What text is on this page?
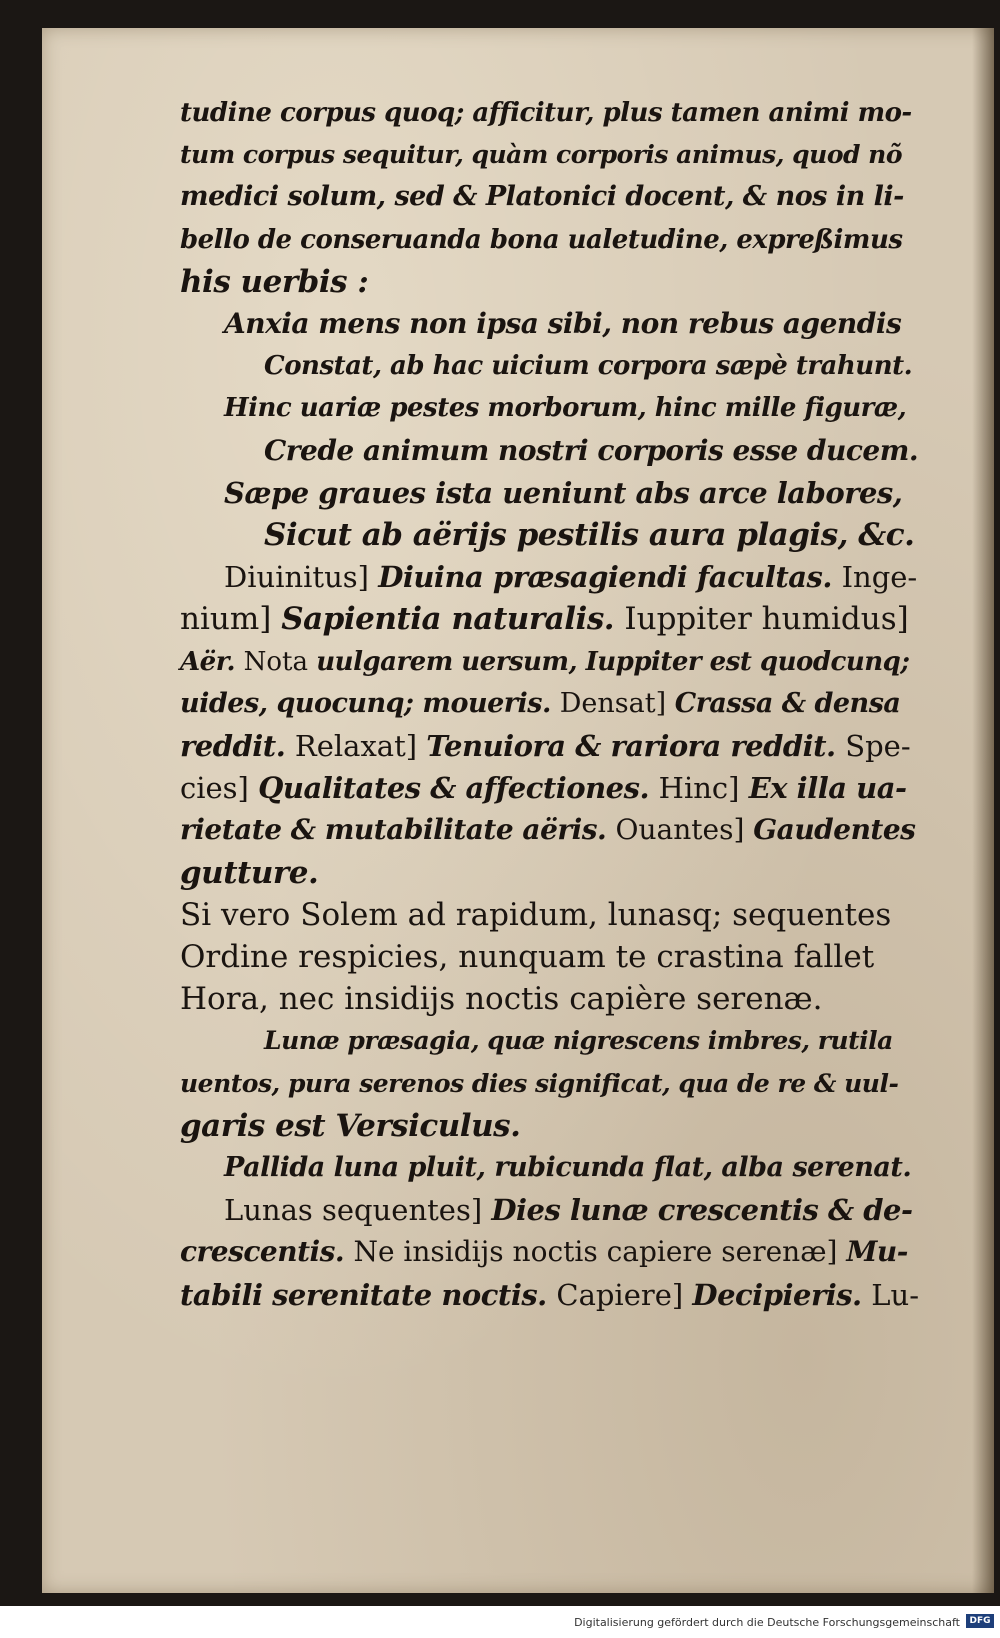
tudine corpus quoq; afficitur, plus tamen animi mo-
tum corpus sequitur, quàm corporis animus, quod nõ
medici solum, sed & Platonici docent, & nos in li-
bello de conseruanda bona ualetudine, expreßimus
his uerbis :
Anxia mens non ipsa sibi, non rebus agendis
Constat, ab hac uicium corpora sæpè trahunt.
Hinc uariæ pestes morborum, hinc mille figuræ,
Crede animum nostri corporis esse ducem.
Sæpe graues ista ueniunt abs arce labores,
Sicut ab aërijs pestilis aura plagis, &c.
Diuinitus] Diuina præsagiendi facultas. Inge-
nium] Sapientia naturalis. Iuppiter humidus]
Aër. Nota uulgarem uersum, Iuppiter est quodcunq;
uides, quocunq; moueris. Densat] Crassa & densa
reddit. Relaxat] Tenuiora & rariora reddit. Spe-
cies] Qualitates & affectiones. Hinc] Ex illa ua-
rietate & mutabilitate aëris. Ouantes] Gaudentes
gutture.
Si vero Solem ad rapidum, lunasq; sequentes
Ordine respicies, nunquam te crastina fallet
Hora, nec insidijs noctis capière serenæ.
Lunæ præsagia, quæ nigrescens imbres, rutila
uentos, pura serenos dies significat, qua de re & uul-
garis est Versiculus.
Pallida luna pluit, rubicunda flat, alba serenat.
Lunas sequentes] Dies lunæ crescentis & de-
crescentis. Ne insidijs noctis capiere serenæ] Mu-
tabili serenitate noctis. Capiere] Decipieris. Lu-
Digitalisierung gefördert durch die Deutsche Forschungsgemeinschaft	DFG
